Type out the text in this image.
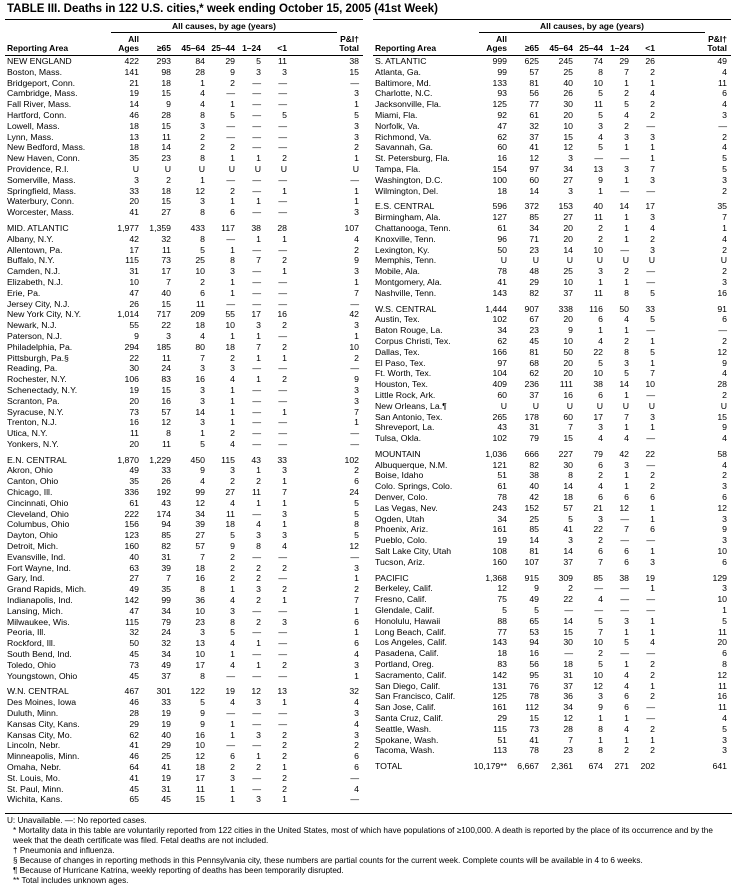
TABLE III. Deaths in 122 U.S. cities,* week ending October 15, 2005 (41st Week)
All causes, by age (years)
Reporting Area
All
Ages	≥65	45–64 25–44 1–24	<1
P&I†
Total
NEW ENGLAND	422	293	84	29	5	11	38
Boston, Mass.	141	98	28	9	3	3	15
Bridgeport, Conn.	21	18	1	2	—	—	—
Cambridge, Mass.	19	15	4	—	—	—	3
Fall River, Mass.	14	9	4	1	—	—	1
Hartford, Conn.	46	28	8	5	—	5	5
Lowell, Mass.	18	15	3	—	—	—	3
Lynn, Mass.	13	11	2	—	—	—	3
New Bedford, Mass.	18	14	2	2	—	—	2
New Haven, Conn.	35	23	8	1	1	2	1
Providence, R.I.	U	U	U	U	U	U	U
Somerville, Mass.	3	2	1	—	—	—	—
Springfield, Mass.	33	18	12	2	—	1	1
Waterbury, Conn.	20	15	3	1	1	—	1
Worcester, Mass.	41	27	8	6	—	—	3
MID. ATLANTIC	1,977	1,359	433	117	38	28	107
Albany, N.Y.	42	32	8	—	1	1	4
Allentown, Pa.	17	11	5	1	—	—	2
Buffalo, N.Y.	115	73	25	8	7	2	9
Camden, N.J.	31	17	10	3	—	1	3
Elizabeth, N.J.	10	7	2	1	—	—	1
Erie, Pa.	47	40	6	1	—	—	7
Jersey City, N.J.	26	15	11	—	—	—	—
New York City, N.Y.	1,014	717	209	55	17	16	42
Newark, N.J.	55	22	18	10	3	2	3
Paterson, N.J.	9	3	4	1	1	—	1
Philadelphia, Pa.	294	185	80	18	7	2	10
Pittsburgh, Pa.§	22	11	7	2	1	1	2
Reading, Pa.	30	24	3	3	—	—	—
Rochester, N.Y.	106	83	16	4	1	2	9
Schenectady, N.Y.	19	15	3	1	—	—	3
Scranton, Pa.	20	16	3	1	—	—	3
Syracuse, N.Y.	73	57	14	1	—	1	7
Trenton, N.J.	16	12	3	1	—	—	1
Utica, N.Y.	11	8	1	2	—	—	—
Yonkers, N.Y.	20	11	5	4	—	—	—
E.N. CENTRAL	1,870	1,229	450	115	43	33	102
Akron, Ohio	49	33	9	3	1	3	2
Canton, Ohio	35	26	4	2	2	1	6
Chicago, Ill.	336	192	99	27	11	7	24
Cincinnati, Ohio	61	43	12	4	1	1	5
Cleveland, Ohio	222	174	34	11	—	3	5
Columbus, Ohio	156	94	39	18	4	1	8
Dayton, Ohio	123	85	27	5	3	3	5
Detroit, Mich.	160	82	57	9	8	4	12
Evansville, Ind.	40	31	7	2	—	—	—
Fort Wayne, Ind.	63	39	18	2	2	2	3
Gary, Ind.	27	7	16	2	2	—	1
Grand Rapids, Mich.	49	35	8	1	3	2	2
Indianapolis, Ind.	142	99	36	4	2	1	7
Lansing, Mich.	47	34	10	3	—	—	1
Milwaukee, Wis.	115	79	23	8	2	3	6
Peoria, Ill.	32	24	3	5	—	—	1
Rockford, Ill.	50	32	13	4	1	—	6
South Bend, Ind.	45	34	10	1	—	—	4
Toledo, Ohio	73	49	17	4	1	2	3
Youngstown, Ohio	45	37	8	—	—	—	1
W.N. CENTRAL	467	301	122	19	12	13	32
Des Moines, Iowa	46	33	5	4	3	1	4
Duluth, Minn.	28	19	9	—	—	—	3
Kansas City, Kans.	29	19	9	1	—	—	4
Kansas City, Mo.	62	40	16	1	3	2	3
Lincoln, Nebr.	41	29	10	—	—	2	2
Minneapolis, Minn.	46	25	12	6	1	2	6
Omaha, Nebr.	64	41	18	2	2	1	6
St. Louis, Mo.	41	19	17	3	—	2	—
St. Paul, Minn.	45	31	11	1	—	2	4
Wichita, Kans.	65	45	15	1	3	1	—
All causes, by age (years)
Reporting Area
All
Ages	≥65	45–64 25–44 1–24	<1
P&I†
Total
S. ATLANTIC	999	625	245	74	29	26	49
Atlanta, Ga.	99	57	25	8	7	2	4
Baltimore, Md.	133	81	40	10	1	1	11
Charlotte, N.C.	93	56	26	5	2	4	6
Jacksonville, Fla.	125	77	30	11	5	2	4
Miami, Fla.	92	61	20	5	4	2	3
Norfolk, Va.	47	32	10	3	2	—	—
Richmond, Va.	62	37	15	4	3	3	2
Savannah, Ga.	60	41	12	5	1	1	4
St. Petersburg, Fla.	16	12	3	—	—	1	5
Tampa, Fla.	154	97	34	13	3	7	5
Washington, D.C.	100	60	27	9	1	3	3
Wilmington, Del.	18	14	3	1	—	—	2
E.S. CENTRAL	596	372	153	40	14	17	35
Birmingham, Ala.	127	85	27	11	1	3	7
Chattanooga, Tenn.	61	34	20	2	1	4	1
Knoxville, Tenn.	96	71	20	2	1	2	4
Lexington, Ky.	50	23	14	10	—	3	2
Memphis, Tenn.	U	U	U	U	U	U	U
Mobile, Ala.	78	48	25	3	2	—	2
Montgomery, Ala.	41	29	10	1	1	—	3
Nashville, Tenn.	143	82	37	11	8	5	16
W.S. CENTRAL	1,444	907	338	116	50	33	91
Austin, Tex.	102	67	20	6	4	5	6
Baton Rouge, La.	34	23	9	1	1	—	—
Corpus Christi, Tex.	62	45	10	4	2	1	2
Dallas, Tex.	166	81	50	22	8	5	12
El Paso, Tex.	97	68	20	5	3	1	9
Ft. Worth, Tex.	104	62	20	10	5	7	4
Houston, Tex.	409	236	111	38	14	10	28
Little Rock, Ark.	60	37	16	6	1	—	2
New Orleans, La.¶	U	U	U	U	U	U	U
San Antonio, Tex.	265	178	60	17	7	3	15
Shreveport, La.	43	31	7	3	1	1	9
Tulsa, Okla.	102	79	15	4	4	—	4
MOUNTAIN	1,036	666	227	79	42	22	58
Albuquerque, N.M.	121	82	30	6	3	—	4
Boise, Idaho	51	38	8	2	1	2	2
Colo. Springs, Colo.	61	40	14	4	1	2	3
Denver, Colo.	78	42	18	6	6	6	6
Las Vegas, Nev.	243	152	57	21	12	1	12
Ogden, Utah	34	25	5	3	—	1	3
Phoenix, Ariz.	161	85	41	22	7	6	9
Pueblo, Colo.	19	14	3	2	—	—	3
Salt Lake City, Utah	108	81	14	6	6	1	10
Tucson, Ariz.	160	107	37	7	6	3	6
PACIFIC	1,368	915	309	85	38	19	129
Berkeley, Calif.	12	9	2	—	—	1	3
Fresno, Calif.	75	49	22	4	—	—	10
Glendale, Calif.	5	5	—	—	—	—	1
Honolulu, Hawaii	88	65	14	5	3	1	5
Long Beach, Calif.	77	53	15	7	1	1	11
Los Angeles, Calif.	143	94	30	10	5	4	20
Pasadena, Calif.	18	16	—	2	—	—	6
Portland, Oreg.	83	56	18	5	1	2	8
Sacramento, Calif.	142	95	31	10	4	2	12
San Diego, Calif.	131	76	37	12	4	1	11
San Francisco, Calif.	125	78	36	3	6	2	16
San Jose, Calif.	161	112	34	9	6	—	11
Santa Cruz, Calif.	29	15	12	1	1	—	4
Seattle, Wash.	115	73	28	8	4	2	5
Spokane, Wash.	51	41	7	1	1	1	3
Tacoma, Wash.	113	78	23	8	2	2	3
TOTAL	10,179**	6,667	2,361	674	271	202	641
U: Unavailable. —: No reported cases.
* Mortality data in this table are voluntarily reported from 122 cities in the United States, most of which have populations of ≥100,000. A death is reported by the place of its occurrence and by the week that the death certificate was filed. Fetal deaths are not included.
† Pneumonia and influenza.
§ Because of changes in reporting methods in this Pennsylvania city, these numbers are partial counts for the current week. Complete counts will be available in 4 to 6 weeks.
¶ Because of Hurricane Katrina, weekly reporting of deaths has been temporarily disrupted.
** Total includes unknown ages.
